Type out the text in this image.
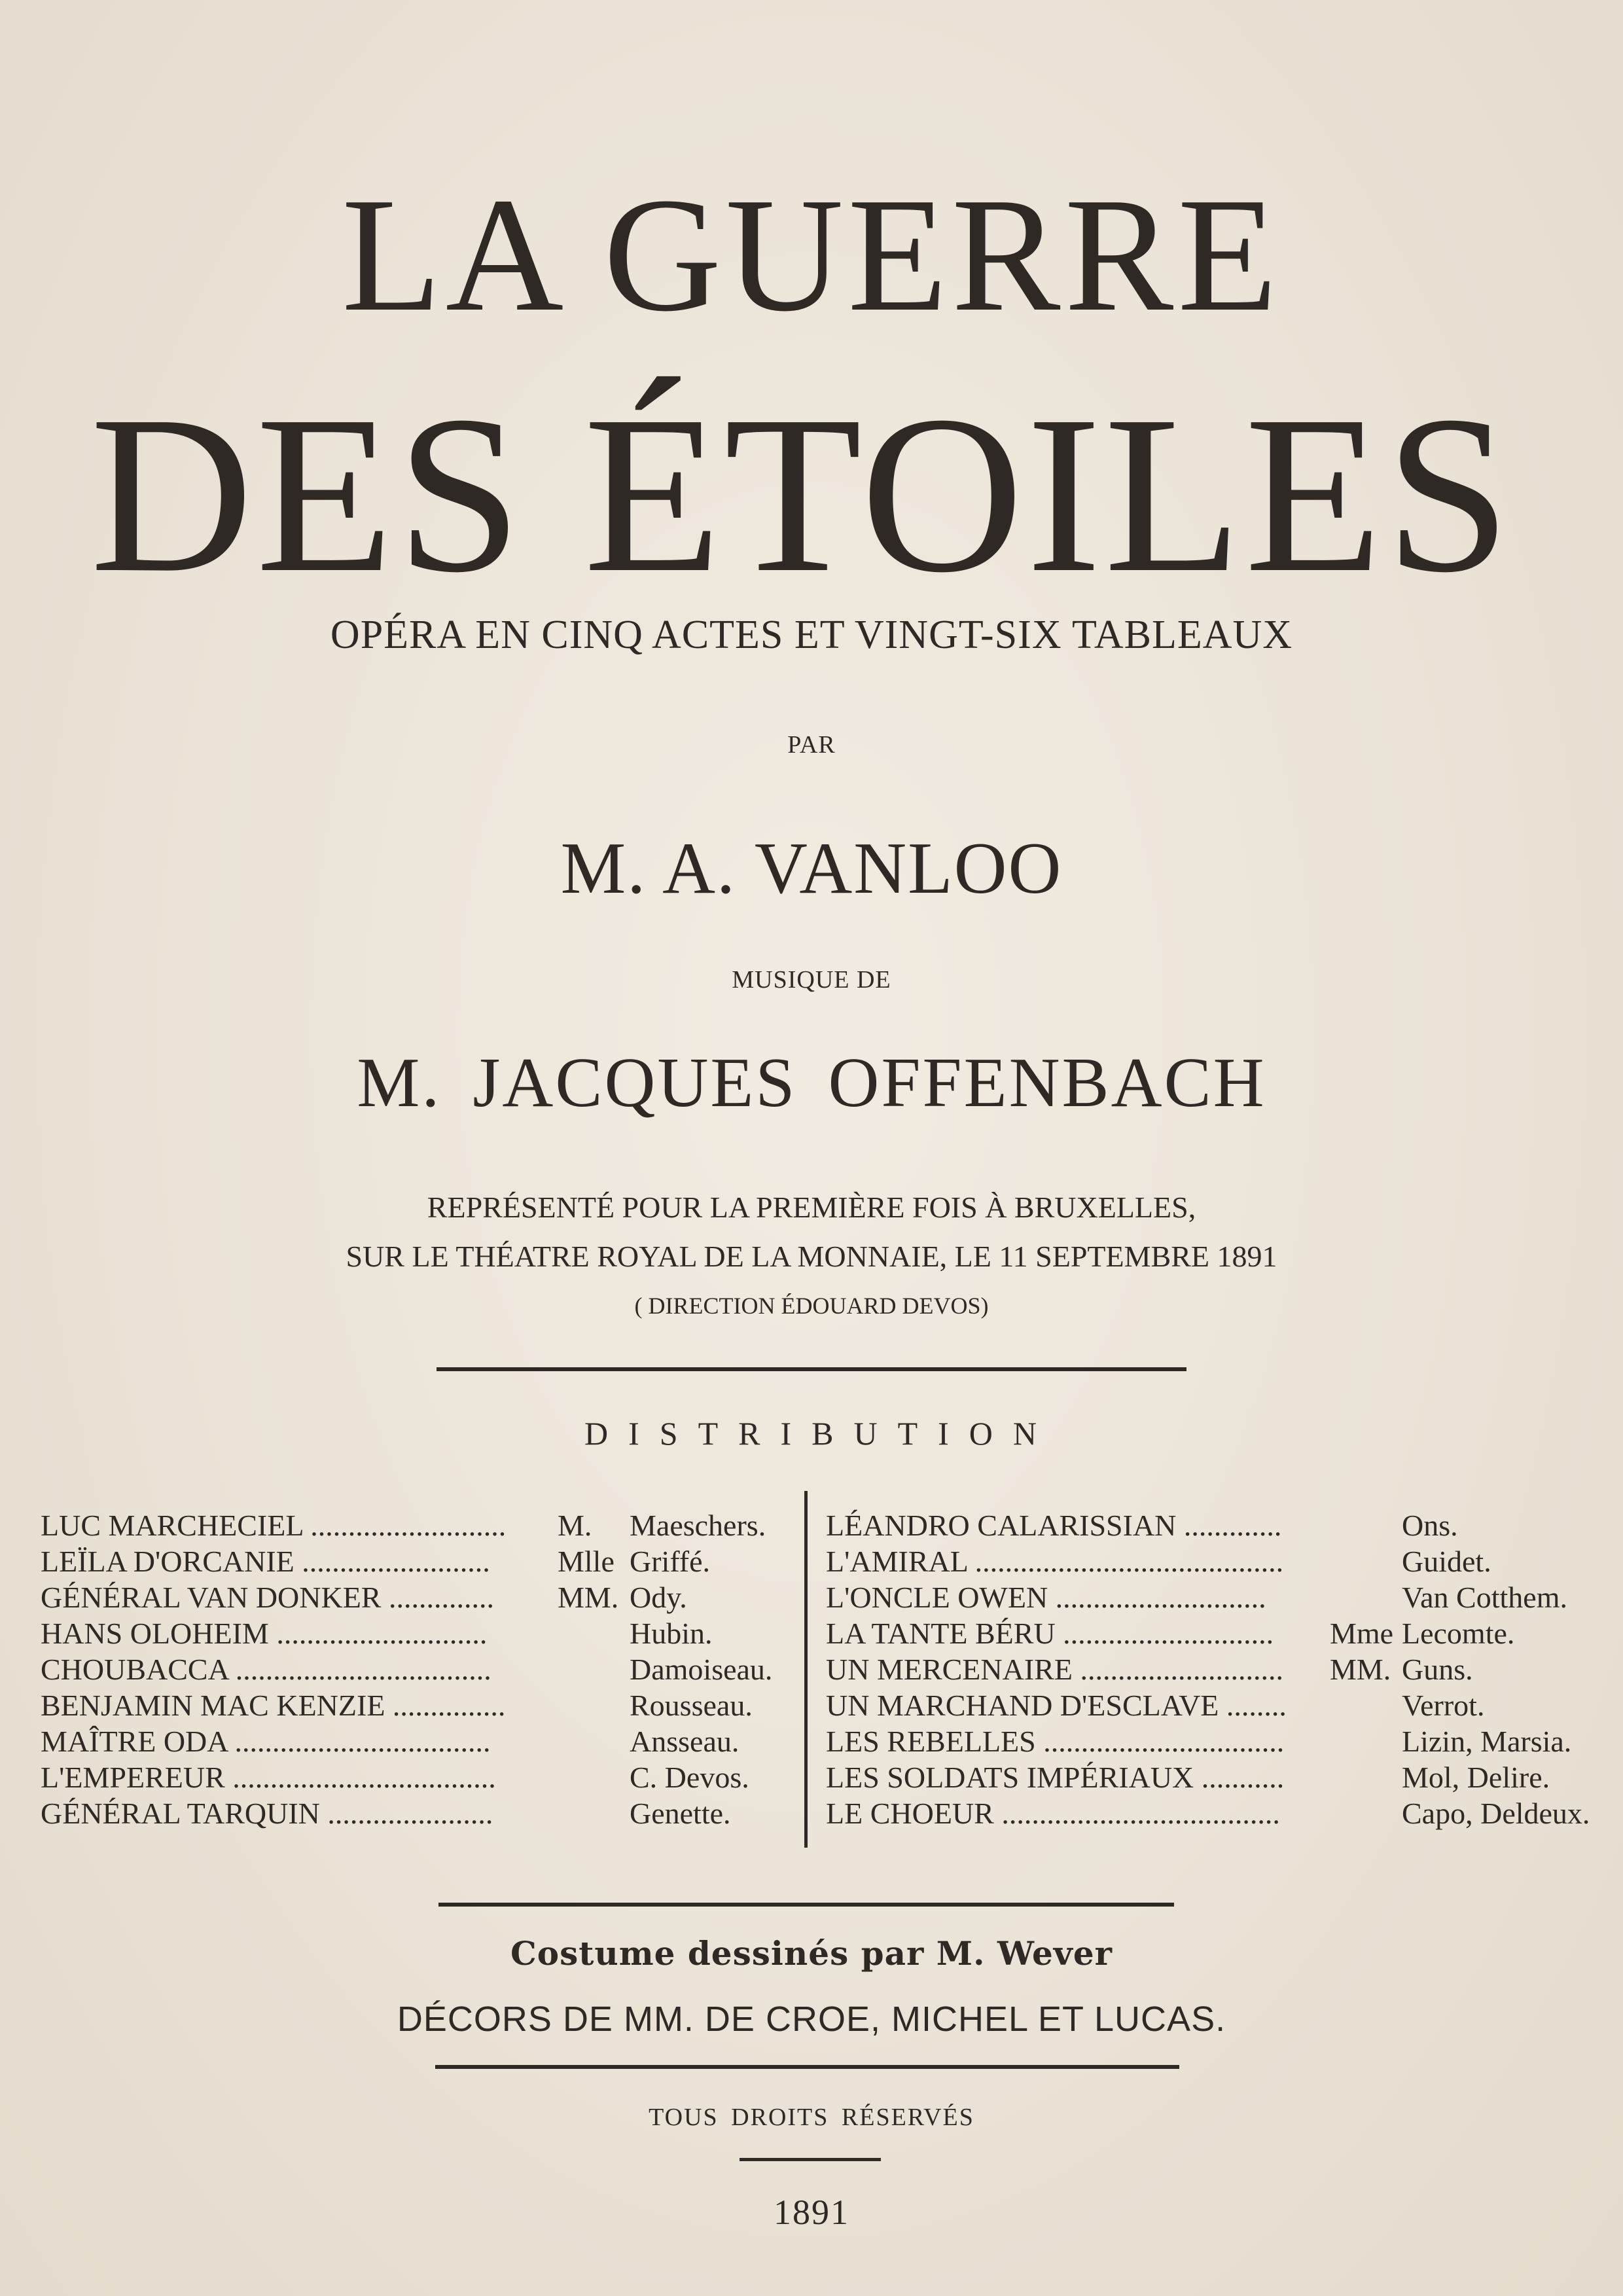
LA GUERRE
DES ÉTOILES
OPÉRA EN CINQ ACTES ET VINGT-SIX TABLEAUX
PAR
M. A. VANLOO
MUSIQUE DE
M. JACQUES OFFENBACH
REPRÉSENTÉ POUR LA PREMIÈRE FOIS À BRUXELLES,
SUR LE THÉATRE ROYAL DE LA MONNAIE, LE 11 SEPTEMBRE 1891
( DIRECTION ÉDOUARD DEVOS)
DISTRIBUTION
LUC MARCHECIEL .......................... M. Maeschers.
LEÏLA D'ORCANIE ......................... Mlle Griffé.
GÉNÉRAL VAN DONKER .............. MM. Ody.
HANS OLOHEIM ............................	Hubin.
CHOUBACCA ..................................	Damoiseau.
BENJAMIN MAC KENZIE ...............	Rousseau.
MAÎTRE ODA ..................................	Ansseau.
L'EMPEREUR ...................................	C. Devos.
GÉNÉRAL TARQUIN ......................	Genette.
LÉANDRO CALARISSIAN .............	Ons.
L'AMIRAL .........................................	Guidet.
L'ONCLE OWEN ............................	Van Cotthem.
LA TANTE BÉRU ............................ Mme Lecomte.
UN MERCENAIRE ........................... MM. Guns.
UN MARCHAND D'ESCLAVE ........	Verrot.
LES REBELLES ................................	Lizin, Marsia.
LES SOLDATS IMPÉRIAUX ...........	Mol, Delire.
LE CHOEUR .....................................	Capo, Deldeux.
Costume dessinés par M. Wever
DÉCORS DE MM. DE CROE, MICHEL ET LUCAS.
TOUS DROITS RÉSERVÉS
1891
